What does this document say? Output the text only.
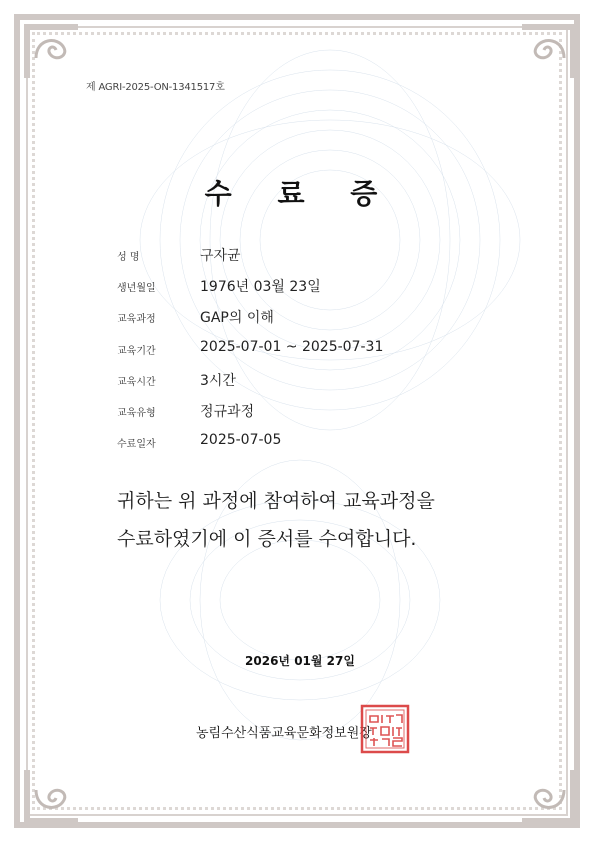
제 AGRI-2025-ON-1341517호
수 료 증
성 명	구자균
생년월일	1976년 03월 23일
교육과정	GAP의 이해
교육기간	2025-07-01 ~ 2025-07-31
교육시간	3시간
교육유형	정규과정
수료일자	2025-07-05
귀하는 위 과정에 참여하여 교육과정을
수료하였기에 이 증서를 수여합니다.
2026년 01월 27일
농림수산식품교육문화정보원장
